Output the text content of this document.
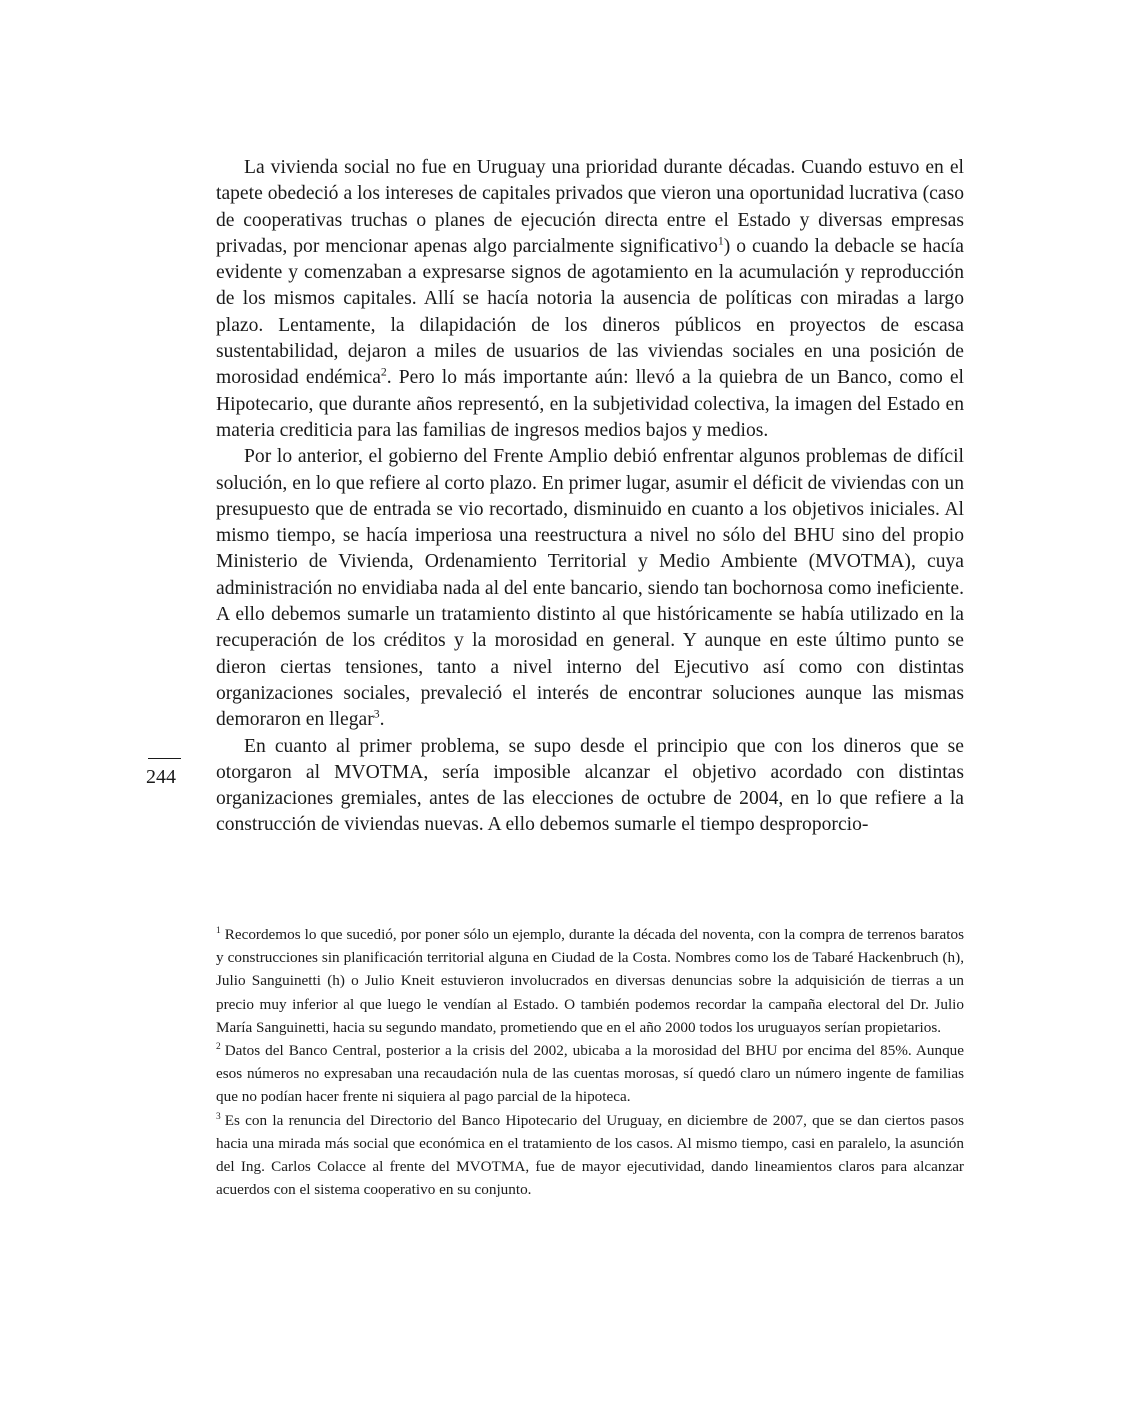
La vivienda social no fue en Uruguay una prioridad durante décadas. Cuando estuvo en el tapete obedeció a los intereses de capitales privados que vieron una oportunidad lucrativa (caso de cooperativas truchas o planes de ejecución directa entre el Estado y diversas empresas privadas, por mencionar apenas algo parcialmente significativo$^1$) o cuando la debacle se hacía evidente y comenzaban a expresarse signos de agotamiento en la acumulación y reproducción de los mismos capitales. Allí se hacía notoria la ausencia de políticas con miradas a largo plazo. Lentamente, la dilapidación de los dineros públicos en proyectos de escasa sustentabilidad, dejaron a miles de usuarios de las viviendas sociales en una posición de morosidad endémica$^2$. Pero lo más importante aún: llevó a la quiebra de un Banco, como el Hipotecario, que durante años representó, en la subjetividad colectiva, la imagen del Estado en materia crediticia para las familias de ingresos medios bajos y medios.

Por lo anterior, el gobierno del Frente Amplio debió enfrentar algunos problemas de difícil solución, en lo que refiere al corto plazo. En primer lugar, asumir el déficit de viviendas con un presupuesto que de entrada se vio recortado, disminuido en cuanto a los objetivos iniciales. Al mismo tiempo, se hacía imperiosa una reestructura a nivel no sólo del BHU sino del propio Ministerio de Vivienda, Ordenamiento Territorial y Medio Ambiente (MVOTMA), cuya administración no envidiaba nada al del ente bancario, siendo tan bochornosa como ineficiente. A ello debemos sumarle un tratamiento distinto al que históricamente se había utilizado en la recuperación de los créditos y la morosidad en general. Y aunque en este último punto se dieron ciertas tensiones, tanto a nivel interno del Ejecutivo así como con distintas organizaciones sociales, prevaleció el interés de encontrar soluciones aunque las mismas demoraron en llegar$^3$.

En cuanto al primer problema, se supo desde el principio que con los dineros que se otorgaron al MVOTMA, sería imposible alcanzar el objetivo acordado con distintas organizaciones gremiales, antes de las elecciones de octubre de 2004, en lo que refiere a la construcción de viviendas nuevas. A ello debemos sumarle el tiempo desproporcio-

244

$^1$ Recordemos lo que sucedió, por poner sólo un ejemplo, durante la década del noventa, con la compra de terrenos baratos y construcciones sin planificación territorial alguna en Ciudad de la Costa. Nombres como los de Tabaré Hackenbruch (h), Julio Sanguinetti (h) o Julio Kneit estuvieron involucrados en diversas denuncias sobre la adquisición de tierras a un precio muy inferior al que luego le vendían al Estado. O también podemos recordar la campaña electoral del Dr. Julio María Sanguinetti, hacia su segundo mandato, prometiendo que en el año 2000 todos los uruguayos serían propietarios.

$^2$ Datos del Banco Central, posterior a la crisis del 2002, ubicaba a la morosidad del BHU por encima del 85%. Aunque esos números no expresaban una recaudación nula de las cuentas morosas, sí quedó claro un número ingente de familias que no podían hacer frente ni siquiera al pago parcial de la hipoteca.

$^3$ Es con la renuncia del Directorio del Banco Hipotecario del Uruguay, en diciembre de 2007, que se dan ciertos pasos hacia una mirada más social que económica en el tratamiento de los casos. Al mismo tiempo, casi en paralelo, la asunción del Ing. Carlos Colacce al frente del MVOTMA, fue de mayor ejecutividad, dando lineamientos claros para alcanzar acuerdos con el sistema cooperativo en su conjunto.
